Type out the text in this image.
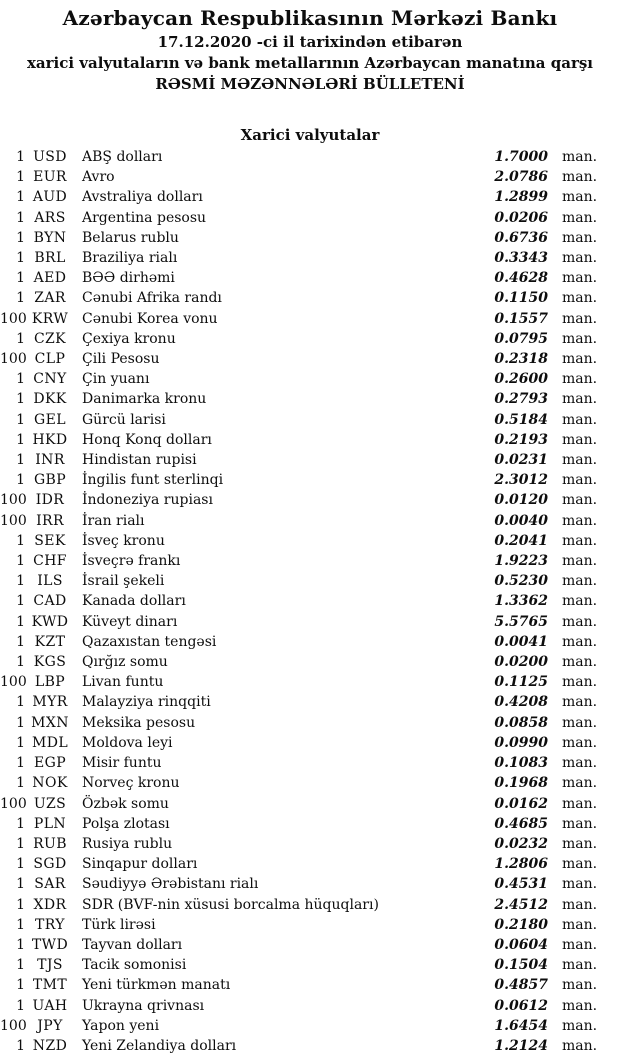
Azərbaycan Respublikasının Mərkəzi Bankı
17.12.2020 -ci il tarixindən etibarən
xarici valyutaların və bank metallarının Azərbaycan manatına qarşı
RƏSMİ MƏZƏNNƏLƏRİ BÜLLETENİ
Xarici valyutalar
1 USD	ABŞ dolları	1.7000 man.
1 EUR	Avro	2.0786 man.
1 AUD	Avstraliya dolları	1.2899 man.
1 ARS	Argentina pesosu	0.0206 man.
1 BYN	Belarus rublu	0.6736 man.
1 BRL	Braziliya rialı	0.3343 man.
1 AED	BƏƏ dirhəmi	0.4628 man.
1 ZAR	Cənubi Afrika randı	0.1150 man.
100 KRW Cənubi Korea vonu	0.1557 man.
1 CZK	Çexiya kronu	0.0795 man.
100 CLP	Çili Pesosu	0.2318 man.
1 CNY	Çin yuanı	0.2600 man.
1 DKK	Danimarka kronu	0.2793 man.
1 GEL	Gürcü larisi	0.5184 man.
1 HKD	Honq Konq dolları	0.2193 man.
1 INR	Hindistan rupisi	0.0231 man.
1 GBP	İngilis funt sterlinqi	2.3012 man.
100 IDR	İndoneziya rupiası	0.0120 man.
100 IRR	İran rialı	0.0040 man.
1 SEK	İsveç kronu	0.2041 man.
1 CHF	İsveçrə frankı	1.9223 man.
1 ILS	İsrail şekeli	0.5230 man.
1 CAD	Kanada dolları	1.3362 man.
1 KWD Küveyt dinarı	5.5765 man.
1 KZT	Qazaxıstan tengəsi	0.0041 man.
1 KGS	Qırğız somu	0.0200 man.
100 LBP	Livan funtu	0.1125 man.
1 MYR	Malayziya rinqqiti	0.4208 man.
1 MXN Meksika pesosu	0.0858 man.
1 MDL Moldova leyi	0.0990 man.
1 EGP	Misir funtu	0.1083 man.
1 NOK	Norveç kronu	0.1968 man.
100 UZS	Özbək somu	0.0162 man.
1 PLN	Polşa zlotası	0.4685 man.
1 RUB	Rusiya rublu	0.0232 man.
1 SGD	Sinqapur dolları	1.2806 man.
1 SAR	Səudiyyə Ərəbistanı rialı	0.4531 man.
1 XDR	SDR (BVF-nin xüsusi borcalma hüquqları)	2.4512 man.
1 TRY	Türk lirəsi	0.2180 man.
1 TWD Tayvan dolları	0.0604 man.
1 TJS	Tacik somonisi	0.1504 man.
1 TMT	Yeni türkmən manatı	0.4857 man.
1 UAH	Ukrayna qrivnası	0.0612 man.
100 JPY	Yapon yeni	1.6454 man.
1 NZD	Yeni Zelandiya dolları	1.2124 man.
